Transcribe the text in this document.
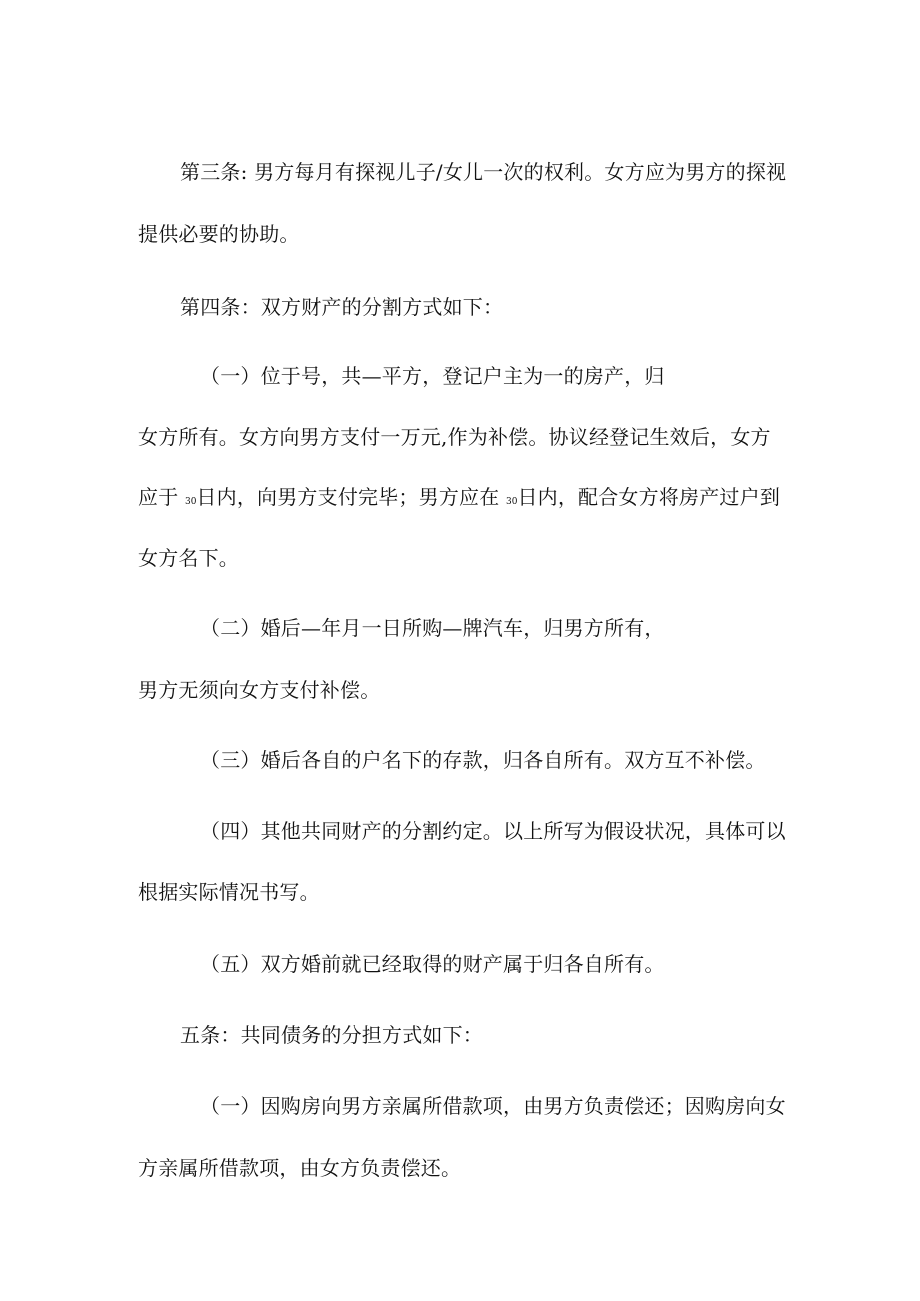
第三条: 男方每月有探视儿子/女儿一次的权利。女方应为男方的探视
提供必要的协助。
第四条：双方财产的分割方式如下：
（一）位于号，共—平方，登记户主为一的房产，归
女方所有。女方向男方支付一万元,作为补偿。协议经登记生效后，女方
应于 30日内，向男方支付完毕；男方应在 30日内，配合女方将房产过户到
女方名下。
（二）婚后—年月一日所购—牌汽车，归男方所有，
男方无须向女方支付补偿。
（三）婚后各自的户名下的存款，归各自所有。双方互不补偿。
（四）其他共同财产的分割约定。以上所写为假设状况，具体可以
根据实际情况书写。
（五）双方婚前就已经取得的财产属于归各自所有。
五条：共同债务的分担方式如下：
（一）因购房向男方亲属所借款项，由男方负责偿还；因购房向女
方亲属所借款项，由女方负责偿还。
